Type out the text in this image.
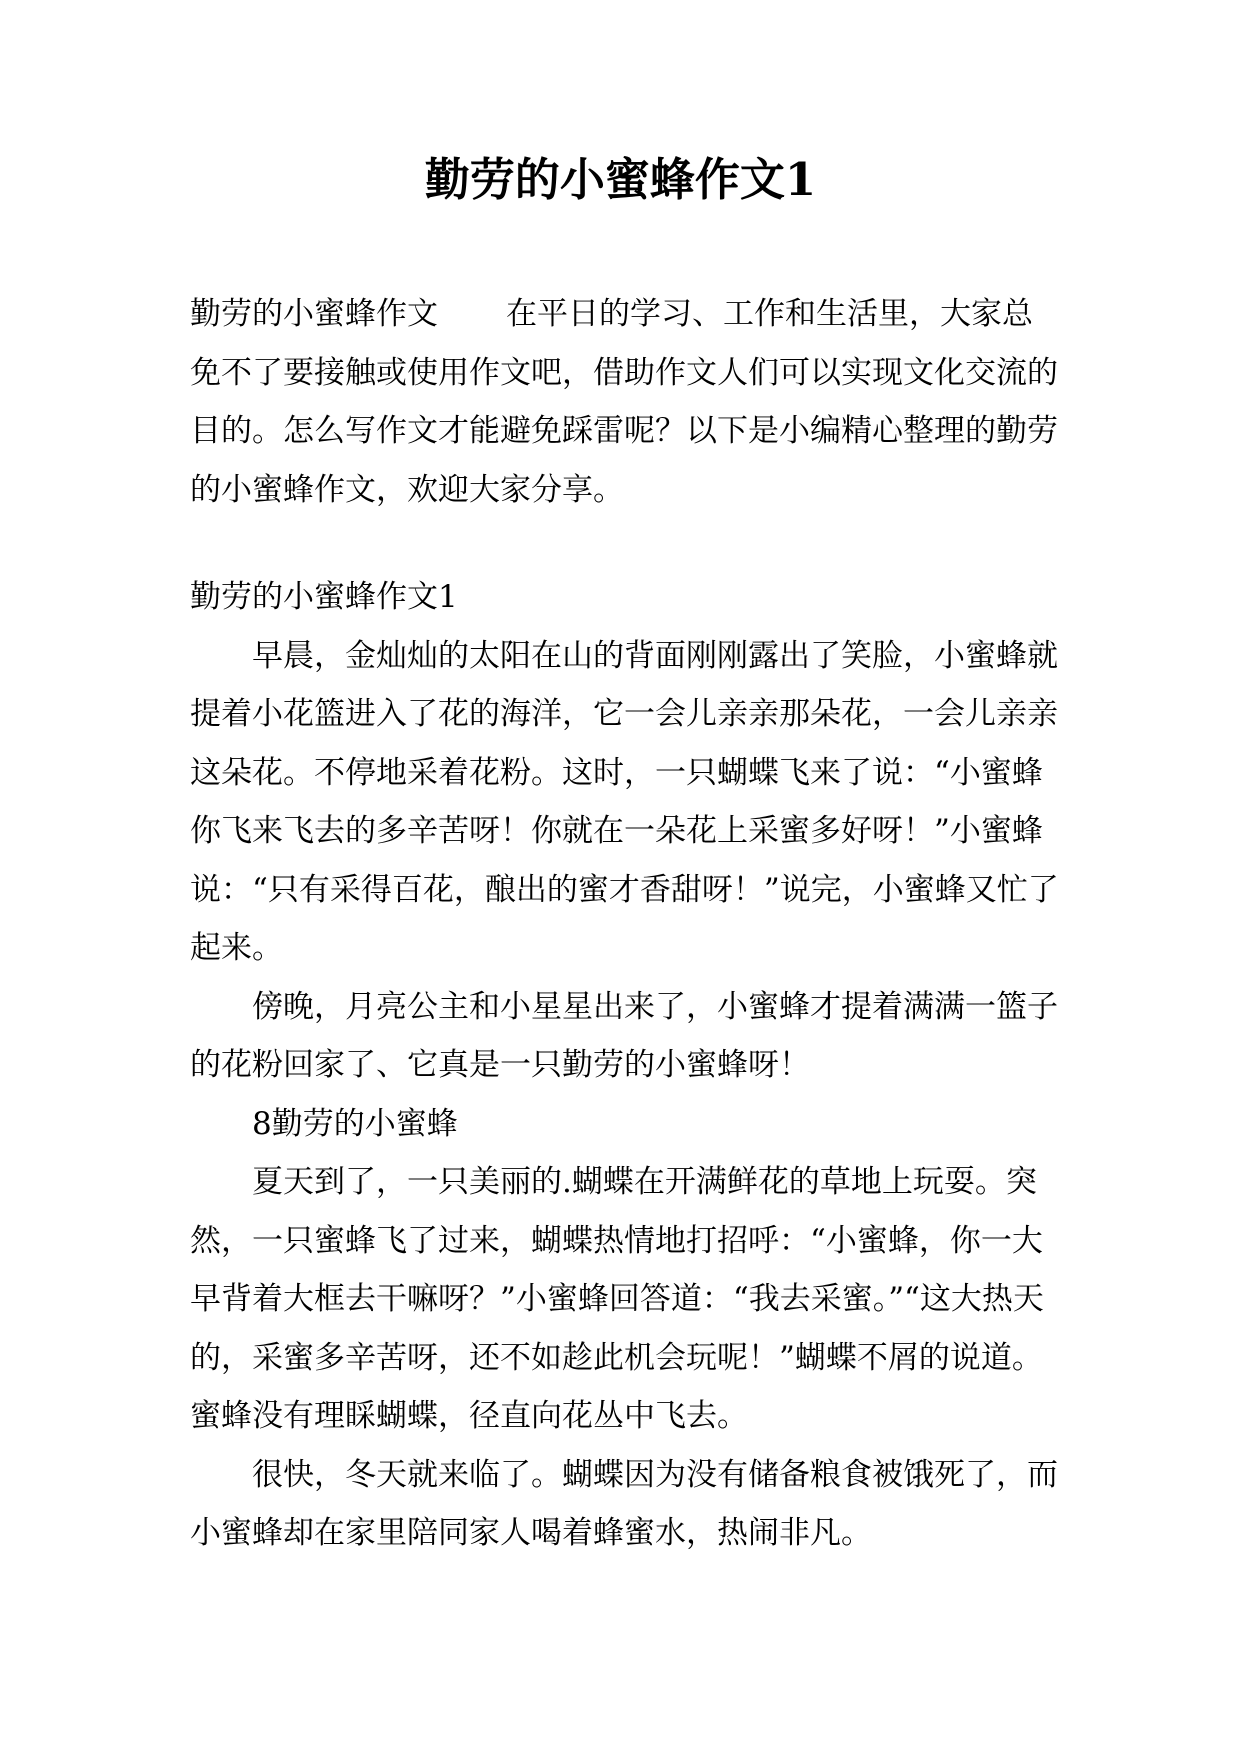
勤劳的小蜜蜂作文1

勤劳的小蜜蜂作文 在平日的学习、工作和生活里，大家总免不了要接触或使用作文吧，借助作文人们可以实现文化交流的目的。怎么写作文才能避免踩雷呢？以下是小编精心整理的勤劳的小蜜蜂作文，欢迎大家分享。

勤劳的小蜜蜂作文1

早晨，金灿灿的太阳在山的背面刚刚露出了笑脸，小蜜蜂就提着小花篮进入了花的海洋，它一会儿亲亲那朵花，一会儿亲亲这朵花。不停地采着花粉。这时，一只蝴蝶飞来了说：“小蜜蜂你飞来飞去的多辛苦呀！你就在一朵花上采蜜多好呀！”小蜜蜂说：“只有采得百花，酿出的蜜才香甜呀！”说完，小蜜蜂又忙了起来。

傍晚，月亮公主和小星星出来了，小蜜蜂才提着满满一篮子的花粉回家了、它真是一只勤劳的小蜜蜂呀！

8勤劳的小蜜蜂

夏天到了，一只美丽的.蝴蝶在开满鲜花的草地上玩耍。突然，一只蜜蜂飞了过来，蝴蝶热情地打招呼：“小蜜蜂，你一大早背着大框去干嘛呀？”小蜜蜂回答道：“我去采蜜。”“这大热天的，采蜜多辛苦呀，还不如趁此机会玩呢！”蝴蝶不屑的说道。蜜蜂没有理睬蝴蝶，径直向花丛中飞去。

很快，冬天就来临了。蝴蝶因为没有储备粮食被饿死了，而小蜜蜂却在家里陪同家人喝着蜂蜜水，热闹非凡。
